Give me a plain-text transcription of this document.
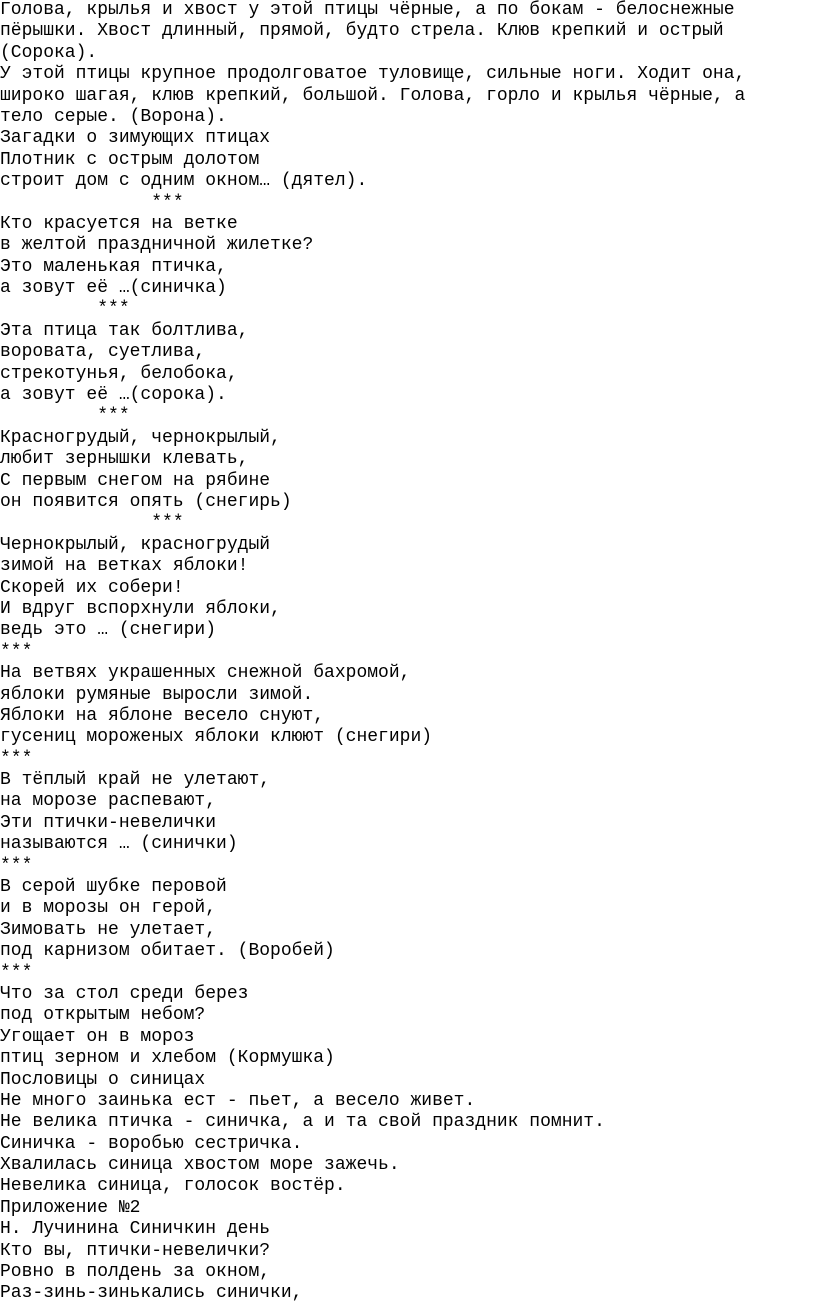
Голова, крылья и хвост у этой птицы чёрные, а по бокам - белоснежные
пёрышки. Хвост длинный, прямой, будто стрела. Клюв крепкий и острый
(Сорока).
У этой птицы крупное продолговатое туловище, сильные ноги. Ходит она,
широко шагая, клюв крепкий, большой. Голова, горло и крылья чёрные, а
тело серые. (Ворона).
Загадки о зимующих птицах
Плотник с острым долотом
строит дом с одним окном… (дятел).
***
Кто красуется на ветке
в желтой праздничной жилетке?
Это маленькая птичка,
а зовут её …(синичка)
***
Эта птица так болтлива,
воровата, суетлива,
стрекотунья, белобока,
а зовут её …(сорока).
***
Красногрудый, чернокрылый,
любит зернышки клевать,
С первым снегом на рябине
он появится опять (снегирь)
***
Чернокрылый, красногрудый
зимой на ветках яблоки!
Скорей их собери!
И вдруг вспорхнули яблоки,
ведь это … (снегири)
***
На ветвях украшенных снежной бахромой,
яблоки румяные выросли зимой.
Яблоки на яблоне весело снуют,
гусениц мороженых яблоки клюют (снегири)
***
В тёплый край не улетают,
на морозе распевают,
Эти птички-невелички
называются … (синички)
***
В серой шубке перовой
и в морозы он герой,
Зимовать не улетает,
под карнизом обитает. (Воробей)
***
Что за стол среди берез
под открытым небом?
Угощает он в мороз
птиц зерном и хлебом (Кормушка)
Пословицы о синицах
Не много заинька ест - пьет, а весело живет.
Не велика птичка - синичка, а и та свой праздник помнит.
Синичка - воробью сестричка.
Хвалилась синица хвостом море зажечь.
Невелика синица, голосок востёр.
Приложение №2
Н. Лучинина Синичкин день
Кто вы, птички-невелички?
Ровно в полдень за окном,
Раз-зинь-зинькались синички,
